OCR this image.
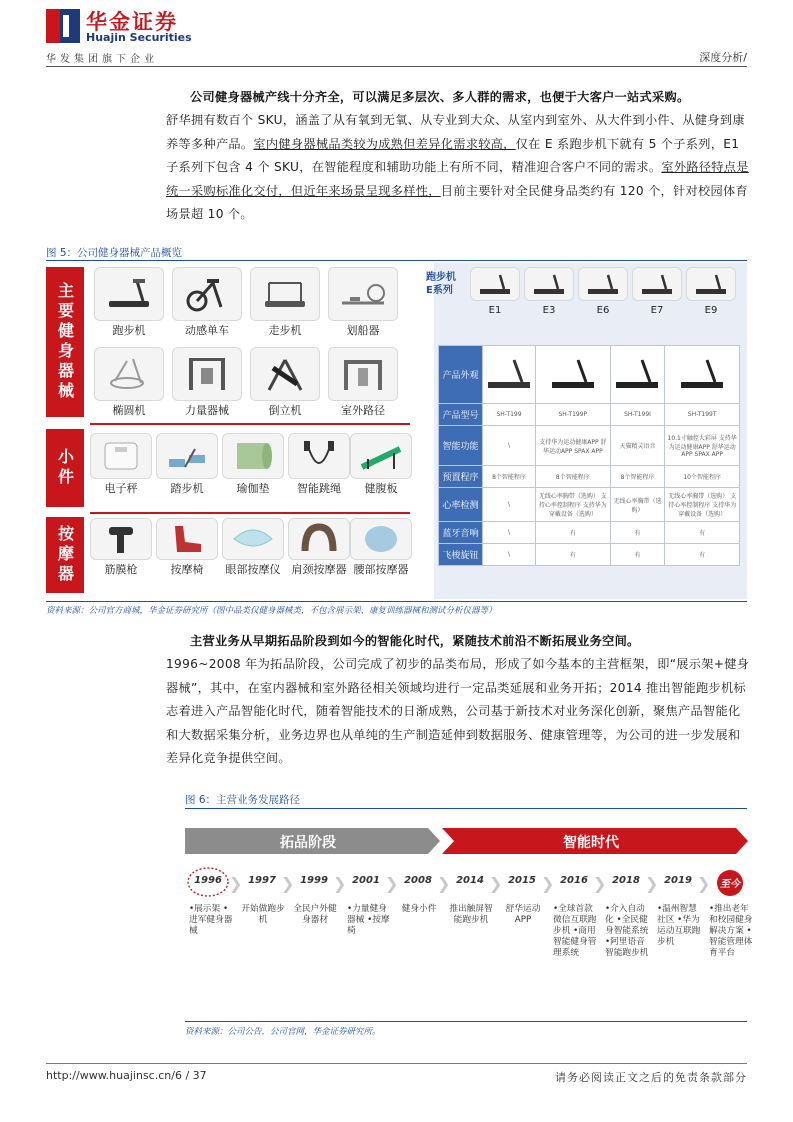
华金证券
Huajin Securities
华发集团旗下企业	深度分析/
公司健身器械产线十分齐全，可以满足多层次、多人群的需求，也便于大客户一站式采购。
舒华拥有数百个 SKU，涵盖了从有氧到无氧、从专业到大众、从室内到室外、从大件到小件、从健身到康养等多种产品。室内健身器械品类较为成熟但差异化需求较高，仅在 E 系跑步机下就有 5 个子系列，E1 子系列下包含 4 个 SKU，在智能程度和辅助功能上有所不同，精准迎合客户不同的需求。室外路径特点是统一采购标准化交付，但近年来场景呈现多样性，目前主要针对全民健身品类约有 120 个，针对校园体育场景超 10 个。
图 5：公司健身器械产品概览
主要健身器械
小件
按摩器
跑步机	动感单车	走步机	划船器
椭圆机	力量器械	倒立机	室外路径
电子秤	踏步机	瑜伽垫	智能跳绳	健腹板
筋膜枪	按摩椅	眼部按摩仪	肩颈按摩器 腰部按摩器
跑步机 E系列
E1	E3	E6	E7	E9
产品外观				
产品型号	SH-T199	SH-T199P	SH-T199I	SH-T199T
智能功能	\	支持华为运动健康APP 舒华运动APP SPAX APP	天猫精灵语音	10.1寸触控大彩屏 支持华为运动健康APP 舒华运动APP SPAX APP
预置程序	8个智能程序	8个智能程序	8个智能程序	10个智能程序
心率检测	\	无线心率胸带（选购） 支持心率控制程序 支持华为穿戴设备（选购）	无线心率胸带（选购）	无线心率胸带（选购） 支持心率控制程序 支持华为穿戴设备（选购）
蓝牙音响	\	有	有	有
飞梭旋钮	\	有	有	有
资料来源：公司官方商城，华金证券研究所（图中品类仅健身器械类，不包含展示架、康复训练器械和测试分析仪器等）
主营业务从早期拓品阶段到如今的智能化时代，紧随技术前沿不断拓展业务空间。
1996~2008 年为拓品阶段，公司完成了初步的品类布局，形成了如今基本的主营框架，即“展示架+健身器械”，其中，在室内器械和室外路径相关领域均进行一定品类延展和业务开拓；2014 推出智能跑步机标志着进入产品智能化时代，随着智能技术的日渐成熟，公司基于新技术对业务深化创新，聚焦产品智能化和大数据采集分析，业务边界也从单纯的生产制造延伸到数据服务、健康管理等，为公司的进一步发展和差异化竞争提供空间。
图 6：主营业务发展路径
拓品阶段	智能时代
1996 ❯ 1997 ❯ 1999 ❯ 2001 ❯ 2008 ❯ 2014 ❯ 2015 ❯ 2016 ❯ 2018 ❯ 2019 ❯ 至今
•展示架 •进军健身器械
开始做跑步机
全民户外健身器材
•力量健身器械 •按摩椅
健身小件	推出触屏智能跑步机
舒华运动APP
•全球首款微信互联跑步机 •商用智能健身管理系统
•介入自动化 •全民健身智能系统 •阿里语音智能跑步机
•温州智慧社区 •华为运动互联跑步机
•推出老年和校园健身解决方案 •智能管理体育平台
资料来源：公司公告，公司官网，华金证券研究所。
http://www.huajinsc.cn/6 / 37	请务必阅读正文之后的免责条款部分
